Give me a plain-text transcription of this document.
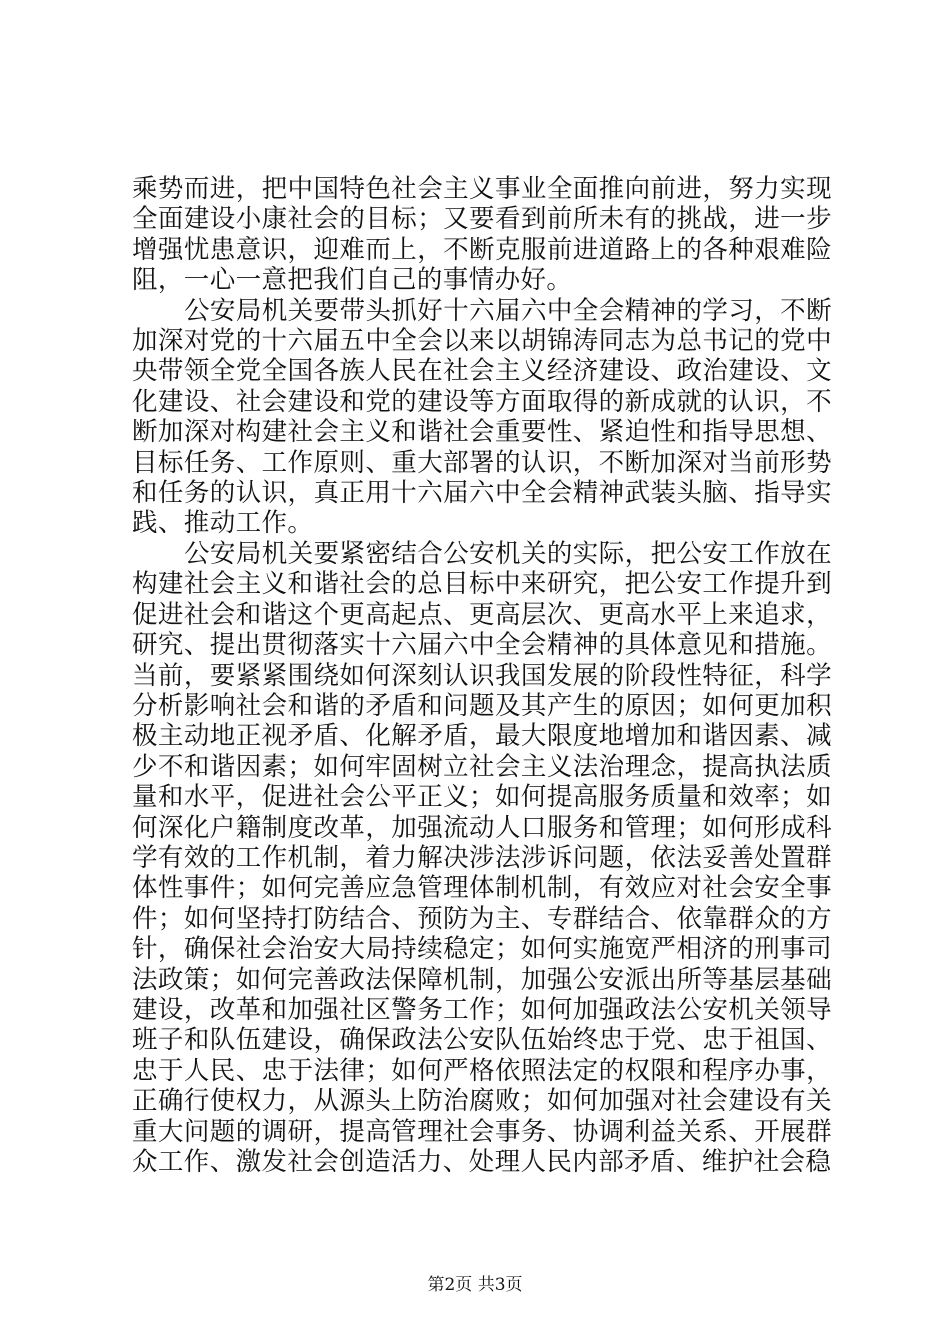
乘势而进，把中国特色社会主义事业全面推向前进，努力实现全面建设小康社会的目标；又要看到前所未有的挑战，进一步增强忧患意识，迎难而上，不断克服前进道路上的各种艰难险阻，一心一意把我们自己的事情办好。

公安局机关要带头抓好十六届六中全会精神的学习，不断加深对党的十六届五中全会以来以胡锦涛同志为总书记的党中央带领全党全国各族人民在社会主义经济建设、政治建设、文化建设、社会建设和党的建设等方面取得的新成就的认识，不断加深对构建社会主义和谐社会重要性、紧迫性和指导思想、目标任务、工作原则、重大部署的认识，不断加深对当前形势和任务的认识，真正用十六届六中全会精神武装头脑、指导实践、推动工作。

公安局机关要紧密结合公安机关的实际，把公安工作放在构建社会主义和谐社会的总目标中来研究，把公安工作提升到促进社会和谐这个更高起点、更高层次、更高水平上来追求，研究、提出贯彻落实十六届六中全会精神的具体意见和措施。当前，要紧紧围绕如何深刻认识我国发展的阶段性特征，科学分析影响社会和谐的矛盾和问题及其产生的原因；如何更加积极主动地正视矛盾、化解矛盾，最大限度地增加和谐因素、减少不和谐因素；如何牢固树立社会主义法治理念，提高执法质量和水平，促进社会公平正义；如何提高服务质量和效率；如何深化户籍制度改革，加强流动人口服务和管理；如何形成科学有效的工作机制，着力解决涉法涉诉问题，依法妥善处置群体性事件；如何完善应急管理体制机制，有效应对社会安全事件；如何坚持打防结合、预防为主、专群结合、依靠群众的方针，确保社会治安大局持续稳定；如何实施宽严相济的刑事司法政策；如何完善政法保障机制，加强公安派出所等基层基础建设，改革和加强社区警务工作；如何加强政法公安机关领导班子和队伍建设，确保政法公安队伍始终忠于党、忠于祖国、忠于人民、忠于法律；如何严格依照法定的权限和程序办事，正确行使权力，从源头上防治腐败；如何加强对社会建设有关重大问题的调研，提高管理社会事务、协调利益关系、开展群众工作、激发社会创造活力、处理人民内部矛盾、维护社会稳

第2页 共3页
